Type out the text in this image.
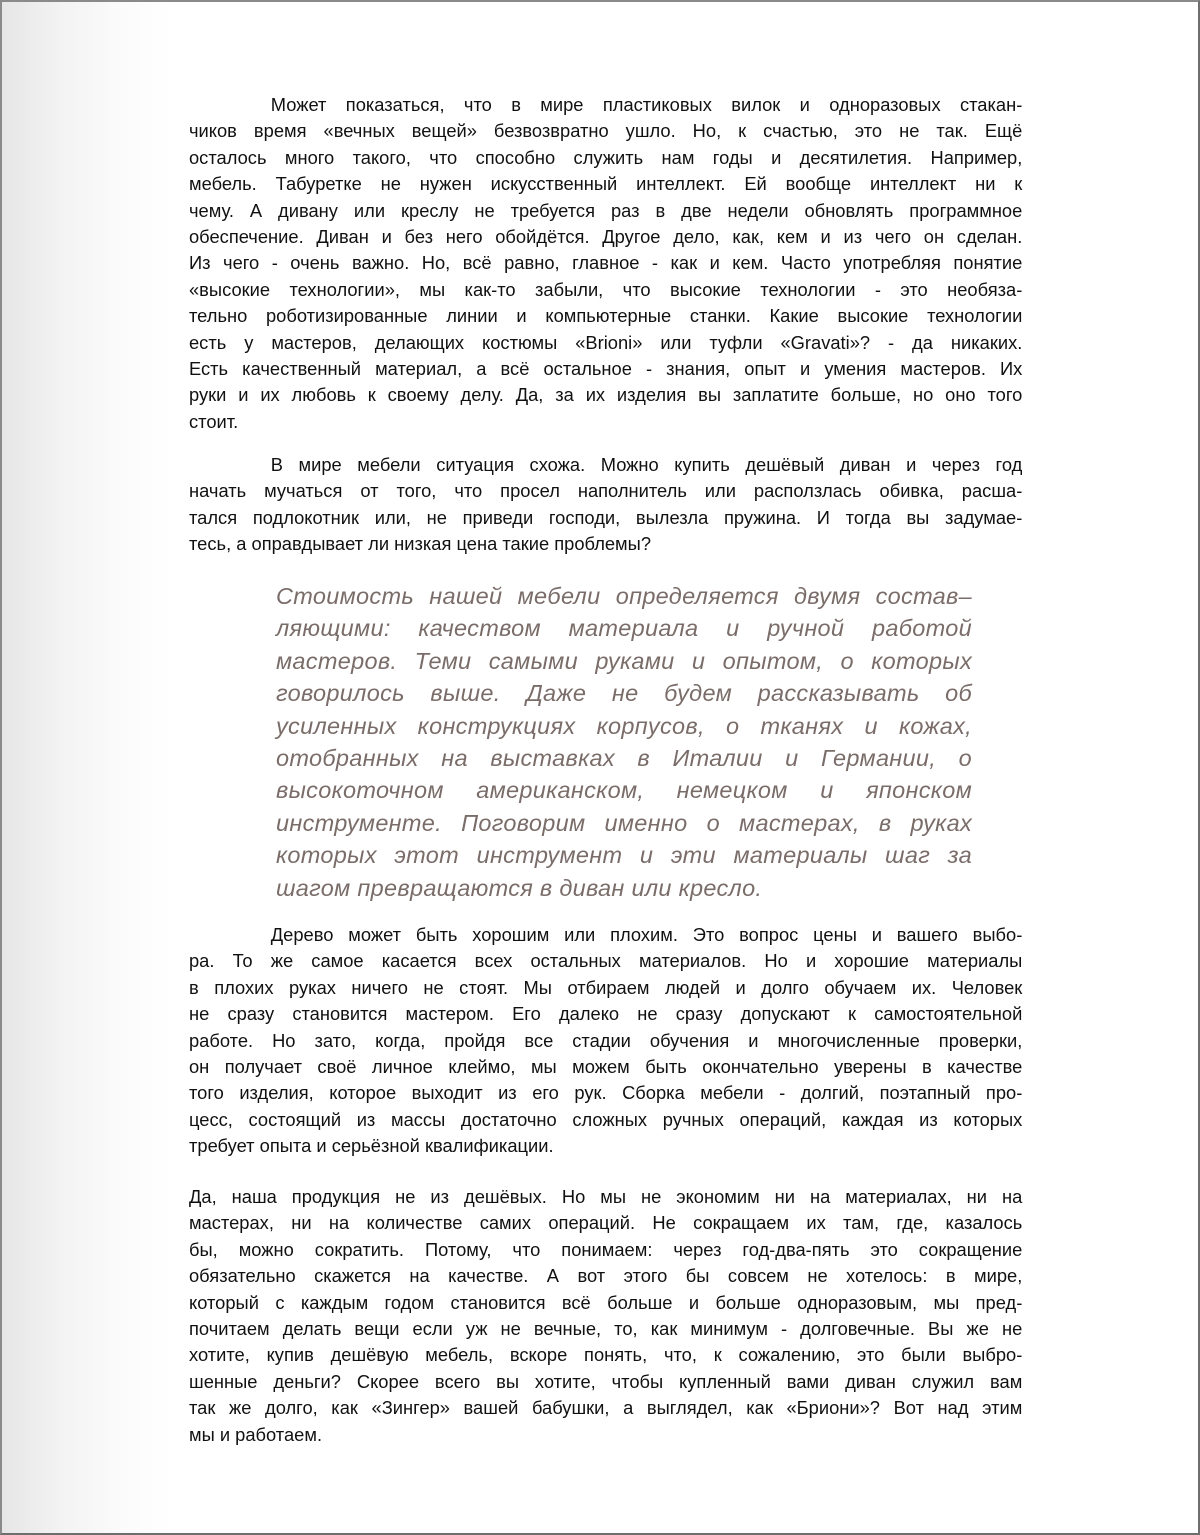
Может показаться, что в мире пластиковых вилок и одноразовых стакан-
чиков время «вечных вещей» безвозвратно ушло. Но, к счастью, это не так. Ещё
осталось много такого, что способно служить нам годы и десятилетия. Например,
мебель. Табуретке не нужен искусственный интеллект. Ей вообще интеллект ни к
чему. А дивану или креслу не требуется раз в две недели обновлять программное
обеспечение. Диван и без него обойдётся. Другое дело, как, кем и из чего он сделан.
Из чего - очень важно. Но, всё равно, главное - как и кем. Часто употребляя понятие
«высокие технологии», мы как-то забыли, что высокие технологии - это необяза-
тельно роботизированные линии и компьютерные станки. Какие высокие технологии
есть у мастеров, делающих костюмы «Brioni» или туфли «Gravati»? - да никаких.
Есть качественный материал, а всё остальное - знания, опыт и умения мастеров. Их
руки и их любовь к своему делу. Да, за их изделия вы заплатите больше, но оно того
стоит.
В мире мебели ситуация схожа. Можно купить дешёвый диван и через год
начать мучаться от того, что просел наполнитель или расползлась обивка, расша-
тался подлокотник или, не приведи господи, вылезла пружина. И тогда вы задумае-
тесь, а оправдывает ли низкая цена такие проблемы?
Стоимость нашей мебели определяется двумя состав–
ляющими: качеством материала и ручной работой
мастеров. Теми самыми руками и опытом, о которых
говорилось выше. Даже не будем рассказывать об
усиленных конструкциях корпусов, о тканях и кожах,
отобранных на выставках в Италии и Германии, о
высокоточном американском, немецком и японском
инструменте. Поговорим именно о мастерах, в руках
которых этот инструмент и эти материалы шаг за
шагом превращаются в диван или кресло.
Дерево может быть хорошим или плохим. Это вопрос цены и вашего выбо-
ра. То же самое касается всех остальных материалов. Но и хорошие материалы
в плохих руках ничего не стоят. Мы отбираем людей и долго обучаем их. Человек
не сразу становится мастером. Его далеко не сразу допускают к самостоятельной
работе. Но зато, когда, пройдя все стадии обучения и многочисленные проверки,
он получает своё личное клеймо, мы можем быть окончательно уверены в качестве
того изделия, которое выходит из его рук. Сборка мебели - долгий, поэтапный про-
цесс, состоящий из массы достаточно сложных ручных операций, каждая из которых
требует опыта и серьёзной квалификации.
Да, наша продукция не из дешёвых. Но мы не экономим ни на материалах, ни на
мастерах, ни на количестве самих операций. Не сокращаем их там, где, казалось
бы, можно сократить. Потому, что понимаем: через год-два-пять это сокращение
обязательно скажется на качестве. А вот этого бы совсем не хотелось: в мире,
который с каждым годом становится всё больше и больше одноразовым, мы пред-
почитаем делать вещи если уж не вечные, то, как минимум - долговечные. Вы же не
хотите, купив дешёвую мебель, вскоре понять, что, к сожалению, это были выбро-
шенные деньги? Скорее всего вы хотите, чтобы купленный вами диван служил вам
так же долго, как «Зингер» вашей бабушки, а выглядел, как «Бриони»? Вот над этим
мы и работаем.
